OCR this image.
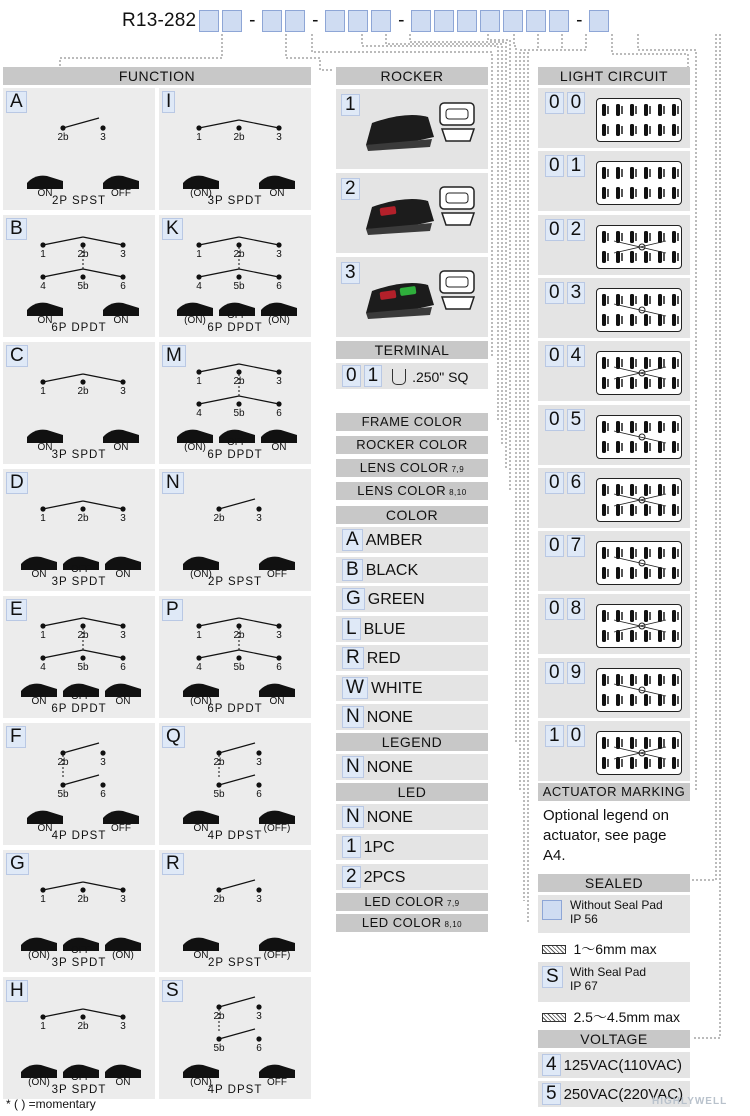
R13-282	-	-	-	-
FUNCTION
A
2b	3
ON	OFF
2P SPST
I
1	2b	3
(ON)	ON
3P SPDT
B
1	2b	3
4	5b	6
ON	ON
6P DPDT
K
1	2b	3
4	5b	6
(ON)	OFF	(ON)
6P DPDT
C
1	2b	3
ON	ON
3P SPDT
M
1	2b	3
4	5b	6
(ON)	OFF	ON
6P DPDT
D
1	2b	3
ON	OFF	ON
3P SPDT
N
2b	3
(ON)	OFF
2P SPST
E
1	2b	3
4	5b	6
ON	OFF	ON
6P DPDT
P
1	2b	3
4	5b	6
(ON)	ON
6P DPDT
F
2b	3
5b	6
ON	OFF
4P DPST
Q
2b	3
5b	6
ON	(OFF)
4P DPST
G
1	2b	3
(ON)	OFF	(ON)
3P SPDT
R
2b	3
ON	(OFF)
2P SPST
H
1	2b	3
(ON)	OFF	ON
3P SPDT
S
2b	3
5b	6
(ON)	OFF
4P DPST
* ( ) =momentary
ROCKER
1
2
3
TERMINAL
0 1 .250" SQ
FRAME COLOR
ROCKER COLOR
LENS COLOR 7,9
LENS COLOR 8,10
COLOR
A AMBER
B BLACK
G GREEN
L BLUE
R RED
W WHITE
N NONE
LEGEND
N NONE
LED
N NONE
1 1PC
2 2PCS
LED COLOR 7,9
LED COLOR 8,10
LIGHT CIRCUIT
0 0
0 1
0 2
0 3
0 4
0 5
0 6
0 7
0 8
0 9
1 0
ACTUATOR MARKING
Optional legend on actuator, see page A4.
SEALED
Without Seal Pad
IP 56
1～6mm max
S With Seal Pad
IP 67
2.5～4.5mm max
VOLTAGE
4 125VAC(110VAC)
5 250VAC(220VAC)
HIGHLYWELL
